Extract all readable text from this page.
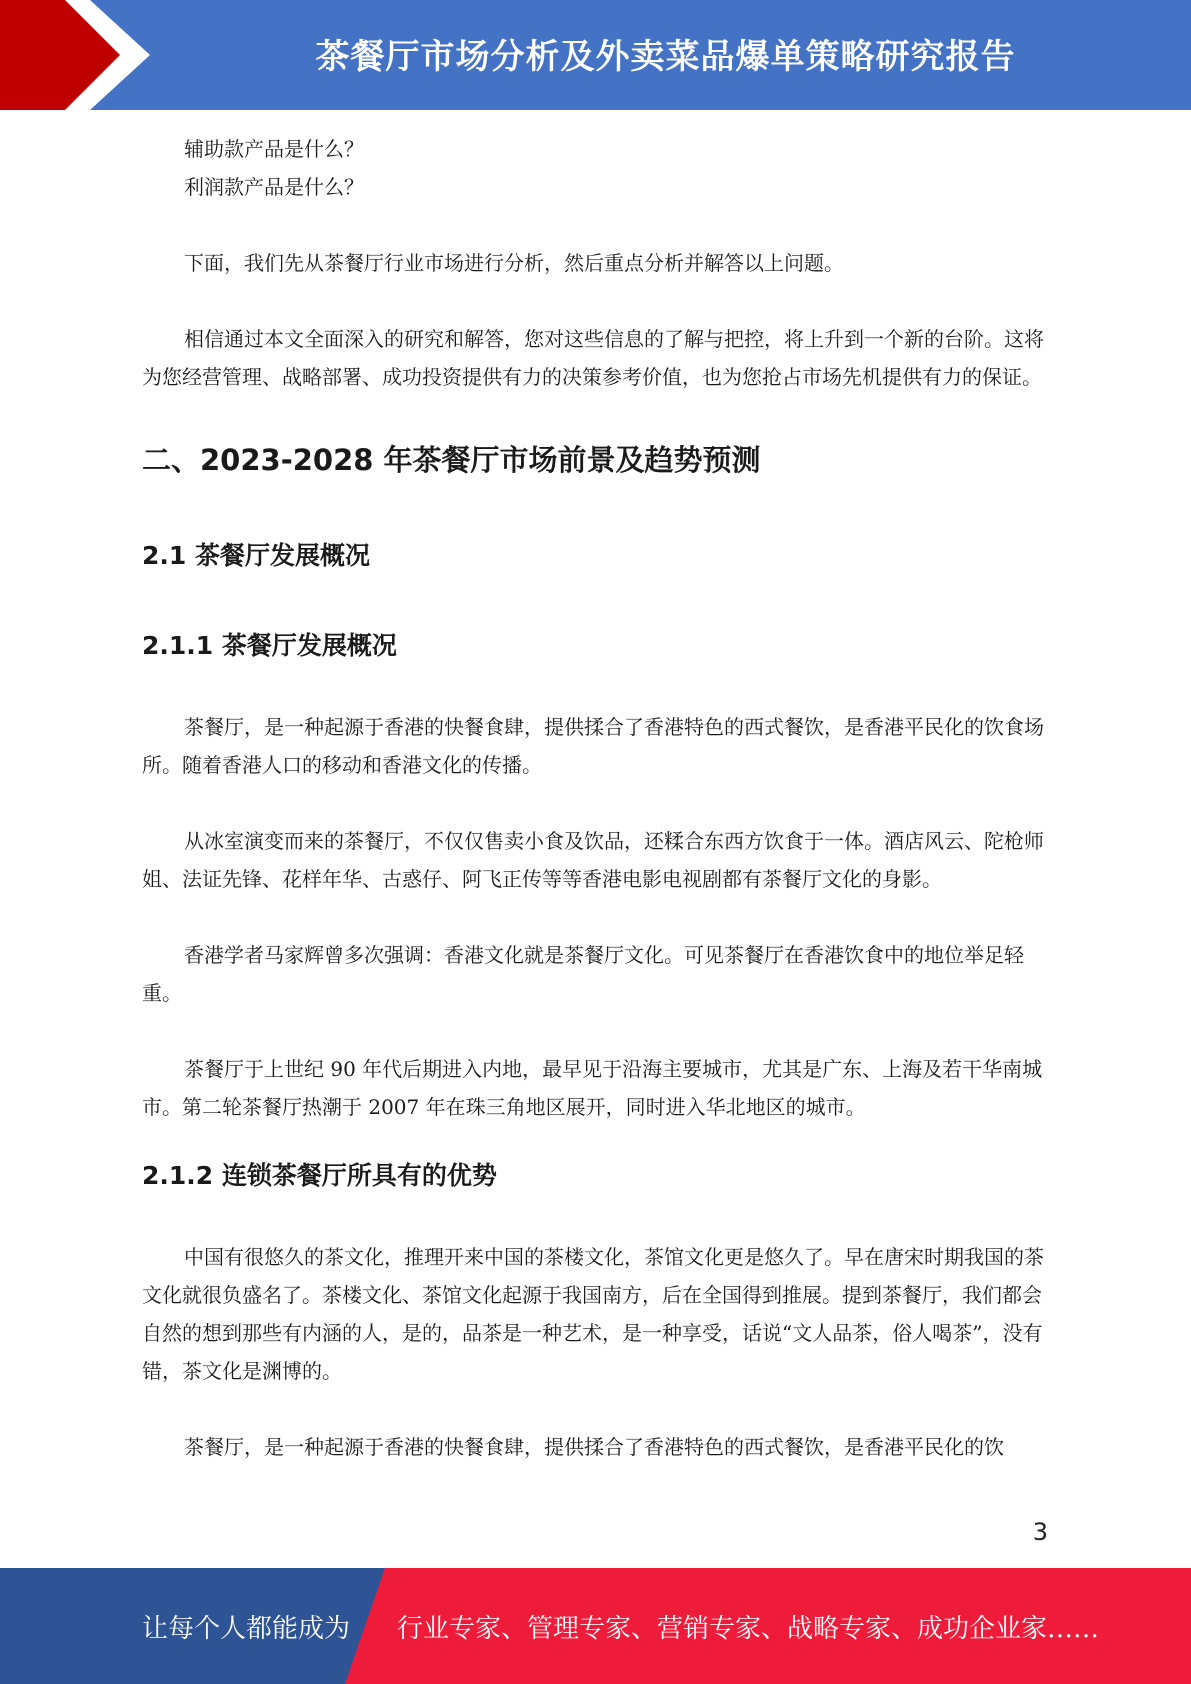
茶餐厅市场分析及外卖菜品爆单策略研究报告

辅助款产品是什么？

利润款产品是什么？

下面，我们先从茶餐厅行业市场进行分析，然后重点分析并解答以上问题。

相信通过本文全面深入的研究和解答，您对这些信息的了解与把控，将上升到一个新的台阶。这将为您经营管理、战略部署、成功投资提供有力的决策参考价值，也为您抢占市场先机提供有力的保证。

二、2023-2028 年茶餐厅市场前景及趋势预测
2.1 茶餐厅发展概况
2.1.1 茶餐厅发展概况

茶餐厅，是一种起源于香港的快餐食肆，提供揉合了香港特色的西式餐饮，是香港平民化的饮食场所。随着香港人口的移动和香港文化的传播。

从冰室演变而来的茶餐厅，不仅仅售卖小食及饮品，还糅合东西方饮食于一体。酒店风云、陀枪师姐、法证先锋、花样年华、古惑仔、阿飞正传等等香港电影电视剧都有茶餐厅文化的身影。

香港学者马家辉曾多次强调：香港文化就是茶餐厅文化。可见茶餐厅在香港饮食中的地位举足轻重。

茶餐厅于上世纪 90 年代后期进入内地，最早见于沿海主要城市，尤其是广东、上海及若干华南城市。第二轮茶餐厅热潮于 2007 年在珠三角地区展开，同时进入华北地区的城市。

2.1.2 连锁茶餐厅所具有的优势

中国有很悠久的茶文化，推理开来中国的茶楼文化，茶馆文化更是悠久了。早在唐宋时期我国的茶文化就很负盛名了。茶楼文化、茶馆文化起源于我国南方，后在全国得到推展。提到茶餐厅，我们都会自然的想到那些有内涵的人，是的，品茶是一种艺术，是一种享受，话说“文人品茶，俗人喝茶”，没有错，茶文化是渊博的。

茶餐厅，是一种起源于香港的快餐食肆，提供揉合了香港特色的西式餐饮，是香港平民化的饮

3
让每个人都能成为 行业专家、管理专家、营销专家、战略专家、成功企业家……
